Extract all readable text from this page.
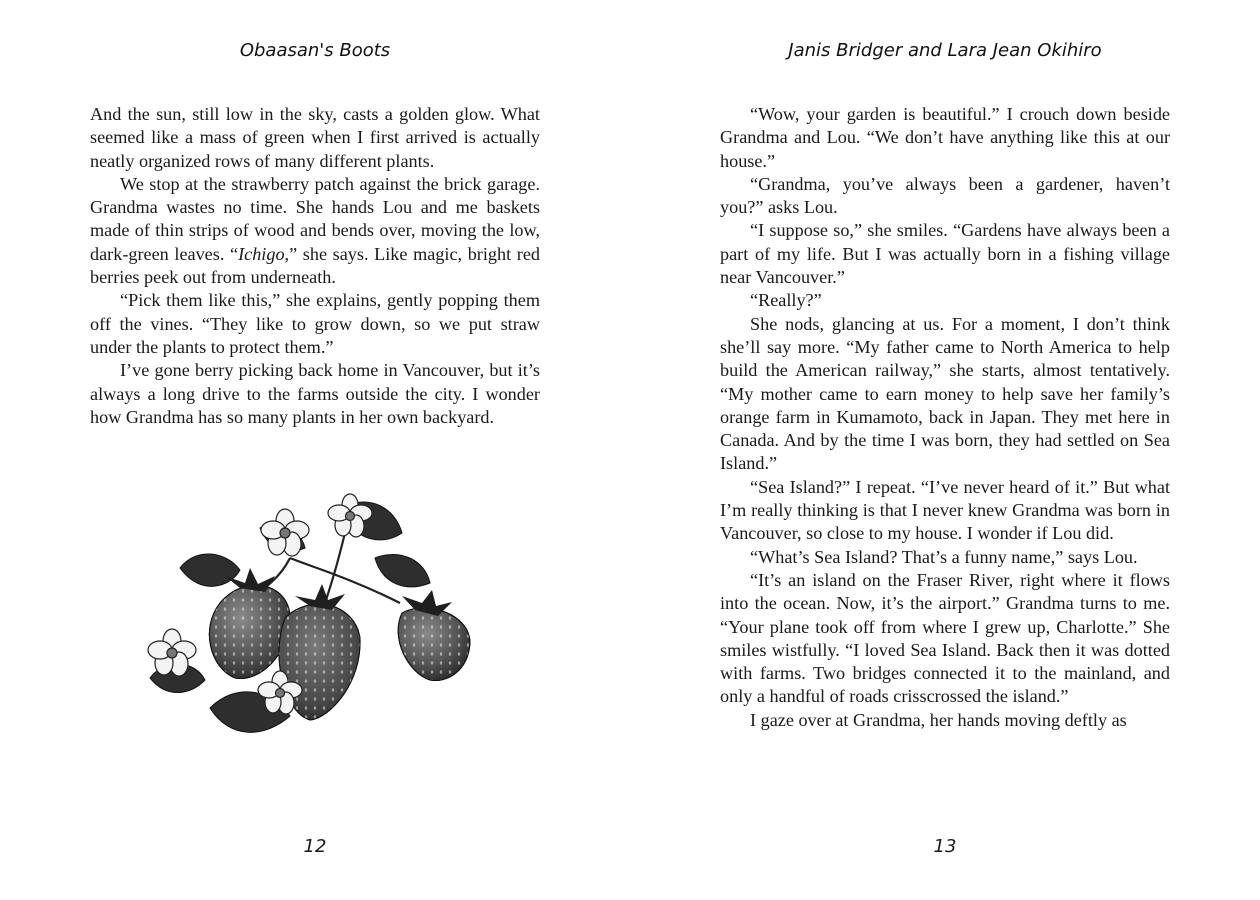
Obaasan's Boots

And the sun, still low in the sky, casts a golden glow. What seemed like a mass of green when I first arrived is actually neatly organized rows of many different plants.

We stop at the strawberry patch against the brick garage. Grandma wastes no time. She hands Lou and me baskets made of thin strips of wood and bends over, moving the low, dark-green leaves. “Ichigo,” she says. Like magic, bright red berries peek out from underneath.

“Pick them like this,” she explains, gently popping them off the vines. “They like to grow down, so we put straw under the plants to protect them.”

I’ve gone berry picking back home in Vancouver, but it’s always a long drive to the farms outside the city. I wonder how Grandma has so many plants in her own backyard.

12
Janis Bridger and Lara Jean Okihiro

“Wow, your garden is beautiful.” I crouch down beside Grandma and Lou. “We don’t have anything like this at our house.”

“Grandma, you’ve always been a gardener, haven’t you?” asks Lou.

“I suppose so,” she smiles. “Gardens have always been a part of my life. But I was actually born in a fishing village near Vancouver.”

“Really?”

She nods, glancing at us. For a moment, I don’t think she’ll say more. “My father came to North America to help build the American railway,” she starts, almost tentatively. “My mother came to earn money to help save her family’s orange farm in Kumamoto, back in Japan. They met here in Canada. And by the time I was born, they had settled on Sea Island.”

“Sea Island?” I repeat. “I’ve never heard of it.” But what I’m really thinking is that I never knew Grandma was born in Vancouver, so close to my house. I wonder if Lou did.

“What’s Sea Island? That’s a funny name,” says Lou.

“It’s an island on the Fraser River, right where it flows into the ocean. Now, it’s the airport.” Grandma turns to me. “Your plane took off from where I grew up, Charlotte.” She smiles wistfully. “I loved Sea Island. Back then it was dotted with farms. Two bridges connected it to the mainland, and only a handful of roads crisscrossed the island.”

I gaze over at Grandma, her hands moving deftly as

13
